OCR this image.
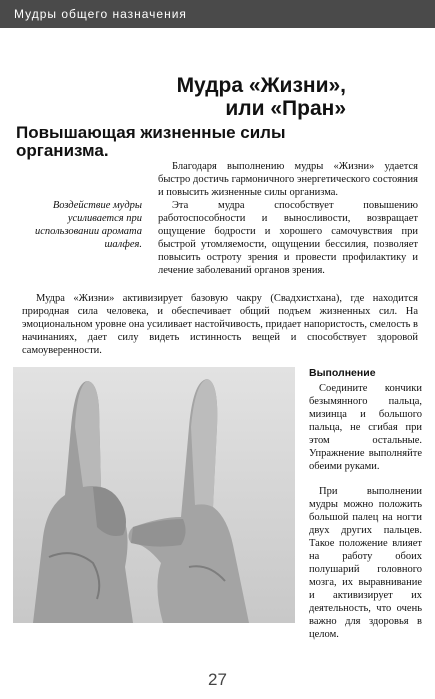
Мудры общего назначения
Мудра «Жизни»,
или «Пран»
Повышающая жизненные силы
организма.

Благодаря выполнению мудры «Жизни» удается быстро достичь гармоничного энергетического состояния и повысить жизненные силы организма.

Эта мудра способствует повышению работоспособности и выносливости, возвращает ощущение бодрости и хорошего самочувствия при быстрой утомляемости, ощущении бессилия, позволяет повысить остроту зрения и провести профилактику и лечение заболеваний органов зрения.

Воздействие мудры усиливается при использовании аромата шалфея.

Мудра «Жизни» активизирует базовую чакру (Свадхистхана), где находится природная сила человека, и обеспечивает общий подъем жизненных сил. На эмоциональном уровне она усиливает настойчивость, придает напористость, смелость в начинаниях, дает силу видеть истинность вещей и способствует здоровой самоуверенности.

Выполнение

Соедините кончики безымянного пальца, мизинца и большого пальца, не сгибая при этом остальные. Упражнение выполняйте обеими руками.

При выполнении мудры можно положить большой палец на ногти двух других пальцев. Такое положение влияет на работу обоих полушарий головного мозга, их выравнивание и активизирует их деятельность, что очень важно для здоровья в целом.

27
